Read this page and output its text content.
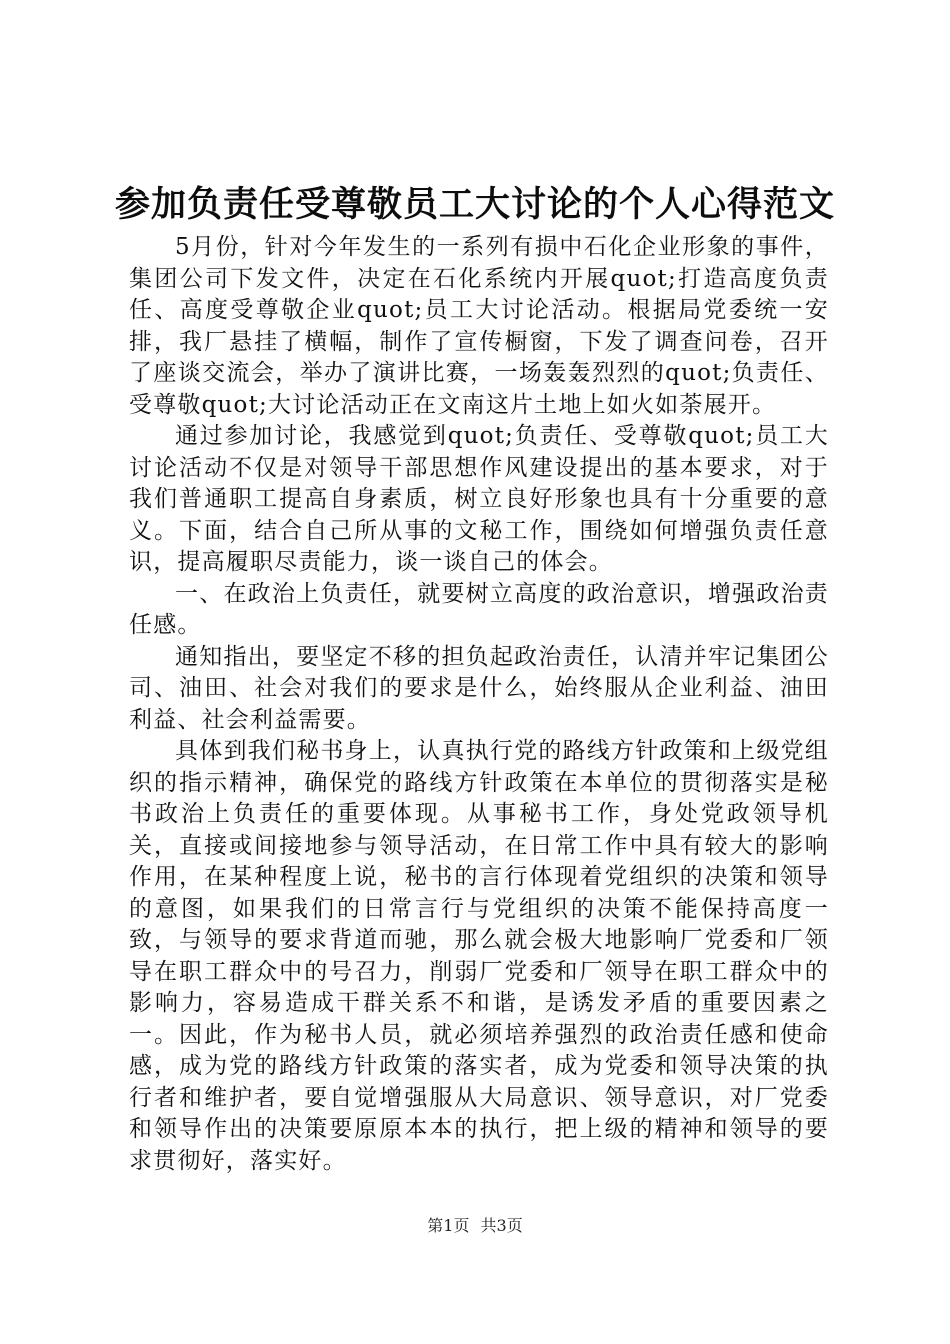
参加负责任受尊敬员工大讨论的个人心得范文

5月份，针对今年发生的一系列有损中石化企业形象的事件，集团公司下发文件，决定在石化系统内开展quot;打造高度负责任、高度受尊敬企业quot;员工大讨论活动。根据局党委统一安排，我厂悬挂了横幅，制作了宣传橱窗，下发了调查问卷，召开了座谈交流会，举办了演讲比赛，一场轰轰烈烈的quot;负责任、受尊敬quot;大讨论活动正在文南这片土地上如火如荼展开。

通过参加讨论，我感觉到quot;负责任、受尊敬quot;员工大讨论活动不仅是对领导干部思想作风建设提出的基本要求，对于我们普通职工提高自身素质，树立良好形象也具有十分重要的意义。下面，结合自己所从事的文秘工作，围绕如何增强负责任意识，提高履职尽责能力，谈一谈自己的体会。

一、在政治上负责任，就要树立高度的政治意识，增强政治责任感。

通知指出，要坚定不移的担负起政治责任，认清并牢记集团公司、油田、社会对我们的要求是什么，始终服从企业利益、油田利益、社会利益需要。

具体到我们秘书身上，认真执行党的路线方针政策和上级党组织的指示精神，确保党的路线方针政策在本单位的贯彻落实是秘书政治上负责任的重要体现。从事秘书工作，身处党政领导机关，直接或间接地参与领导活动，在日常工作中具有较大的影响作用，在某种程度上说，秘书的言行体现着党组织的决策和领导的意图，如果我们的日常言行与党组织的决策不能保持高度一致，与领导的要求背道而驰，那么就会极大地影响厂党委和厂领导在职工群众中的号召力，削弱厂党委和厂领导在职工群众中的影响力，容易造成干群关系不和谐，是诱发矛盾的重要因素之一。因此，作为秘书人员，就必须培养强烈的政治责任感和使命感，成为党的路线方针政策的落实者，成为党委和领导决策的执行者和维护者，要自觉增强服从大局意识、领导意识，对厂党委和领导作出的决策要原原本本的执行，把上级的精神和领导的要求贯彻好，落实好。

第1页 共3页
